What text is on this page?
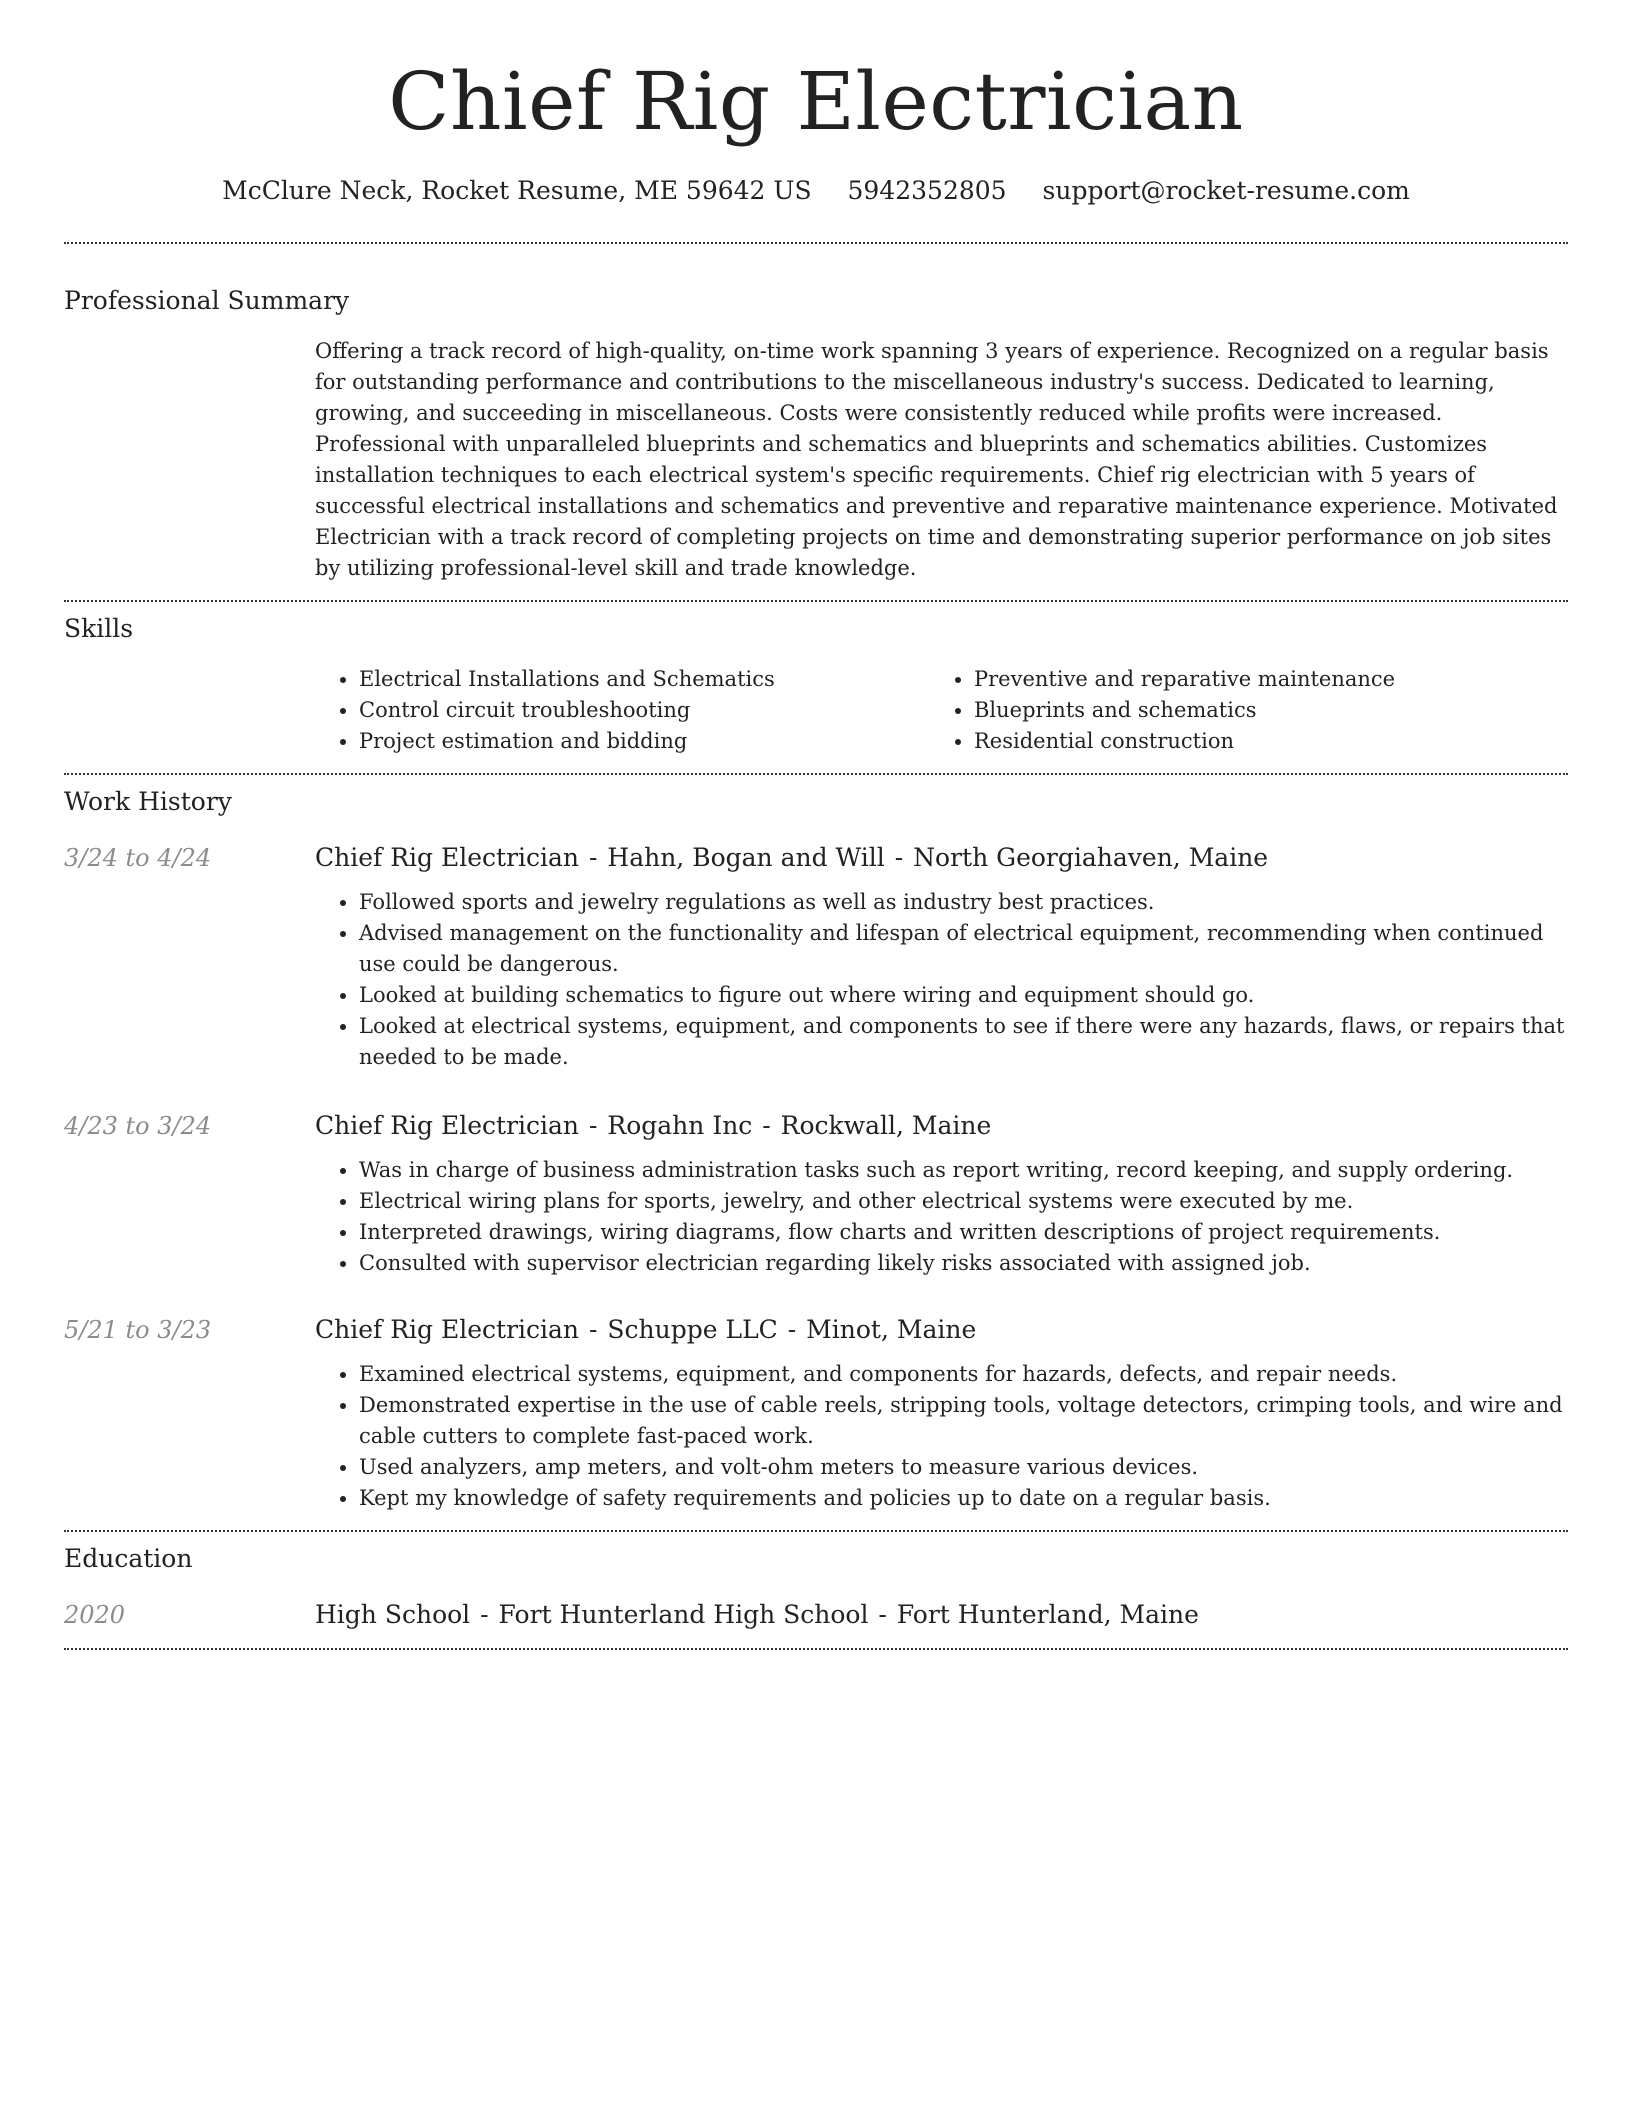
Chief Rig Electrician
McClure Neck, Rocket Resume, ME 59642 US 5942352805 support@rocket-resume.com
Professional Summary

Offering a track record of high-quality, on-time work spanning 3 years of experience. Recognized on a regular basis for outstanding performance and contributions to the miscellaneous industry's success. Dedicated to learning, growing, and succeeding in miscellaneous. Costs were consistently reduced while profits were increased. Professional with unparalleled blueprints and schematics and blueprints and schematics abilities. Customizes installation techniques to each electrical system's specific requirements. Chief rig electrician with 5 years of successful electrical installations and schematics and preventive and reparative maintenance experience. Motivated Electrician with a track record of completing projects on time and demonstrating superior performance on job sites by utilizing professional-level skill and trade knowledge.

Skills
• Electrical Installations and Schematics
• Control circuit troubleshooting
• Project estimation and bidding
• Preventive and reparative maintenance
• Blueprints and schematics
• Residential construction
Work History
3/24 to 4/24	Chief Rig Electrician - Hahn, Bogan and Will - North Georgiahaven, Maine
• Followed sports and jewelry regulations as well as industry best practices.
• Advised management on the functionality and lifespan of electrical equipment, recommending when continued use could be dangerous.
• Looked at building schematics to figure out where wiring and equipment should go.
• Looked at electrical systems, equipment, and components to see if there were any hazards, flaws, or repairs that needed to be made.
4/23 to 3/24	Chief Rig Electrician - Rogahn Inc - Rockwall, Maine
• Was in charge of business administration tasks such as report writing, record keeping, and supply ordering.
• Electrical wiring plans for sports, jewelry, and other electrical systems were executed by me.
• Interpreted drawings, wiring diagrams, flow charts and written descriptions of project requirements.
• Consulted with supervisor electrician regarding likely risks associated with assigned job.
5/21 to 3/23	Chief Rig Electrician - Schuppe LLC - Minot, Maine
• Examined electrical systems, equipment, and components for hazards, defects, and repair needs.
• Demonstrated expertise in the use of cable reels, stripping tools, voltage detectors, crimping tools, and wire and cable cutters to complete fast-paced work.
• Used analyzers, amp meters, and volt-ohm meters to measure various devices.
• Kept my knowledge of safety requirements and policies up to date on a regular basis.
Education
2020	High School - Fort Hunterland High School - Fort Hunterland, Maine
